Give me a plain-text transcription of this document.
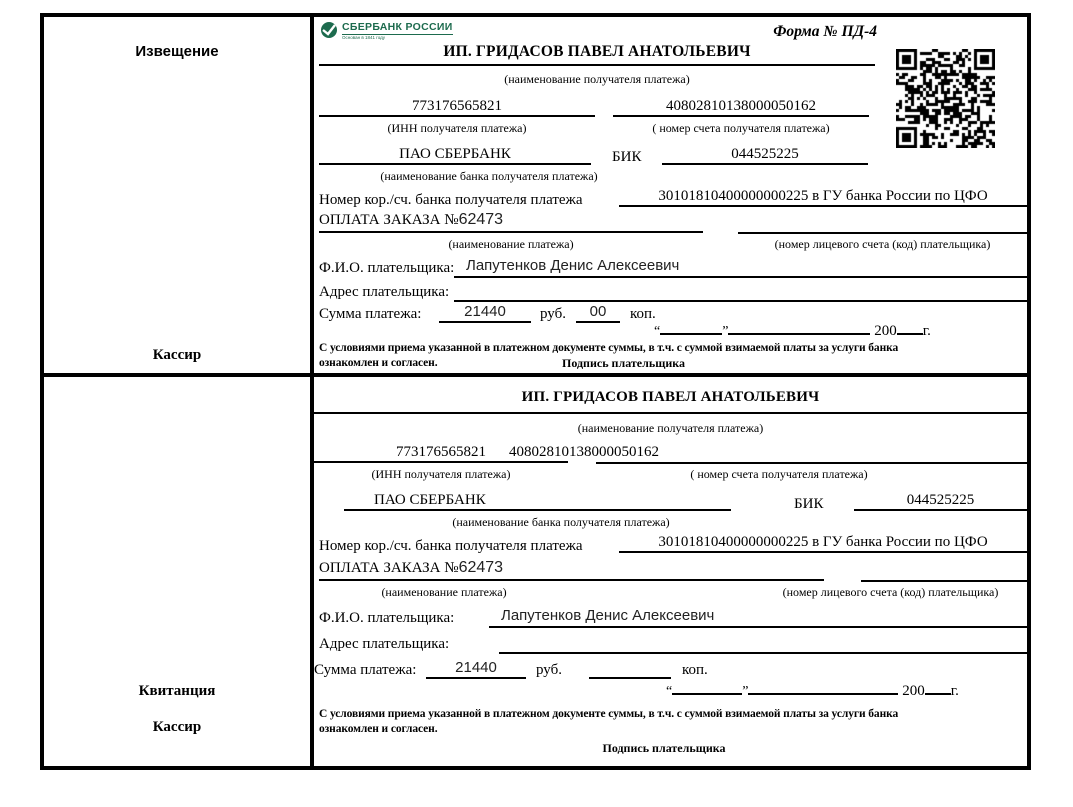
Извещение
Кассир
СБЕРБАНК РОССИИ
Основан в 1841 году	Форма № ПД-4
ИП. ГРИДАСОВ ПАВЕЛ АНАТОЛЬЕВИЧ
(наименование получателя платежа)
773176565821	40802810138000050162
(ИНН получателя платежа)	( номер счета получателя платежа)
ПАО СБЕРБАНК	БИК	044525225
(наименование банка получателя платежа)
Номер кор./сч. банка получателя платежа	30101810400000000225 в ГУ банка России по ЦФО
ОПЛАТА ЗАКАЗА №62473
(наименование платежа)	(номер лицевого счета (код) плательщика)
Ф.И.О. плательщика: Лапутенков Денис Алексеевич
Адрес плательщика:
Сумма платежа:	21440	руб.	00	коп.
“	”	200 г.
С условиями приема указанной в платежном документе суммы, в т.ч. с суммой взимаемой платы за услуги банка
ознакомлен и согласен.	Подпись плательщика
Квитанция
Кассир
ИП. ГРИДАСОВ ПАВЕЛ АНАТОЛЬЕВИЧ
(наименование получателя платежа)
773176565821	40802810138000050162
(ИНН получателя платежа)	( номер счета получателя платежа)
ПАО СБЕРБАНК	БИК	044525225
(наименование банка получателя платежа)
Номер кор./сч. банка получателя платежа	30101810400000000225 в ГУ банка России по ЦФО
ОПЛАТА ЗАКАЗА №62473
(наименование платежа)	(номер лицевого счета (код) плательщика)
Ф.И.О. плательщика:	Лапутенков Денис Алексеевич
Адрес плательщика:
Сумма платежа:	21440	руб.	коп.
“	”	200 г.
С условиями приема указанной в платежном документе суммы, в т.ч. с суммой взимаемой платы за услуги банка
ознакомлен и согласен.
Подпись плательщика
